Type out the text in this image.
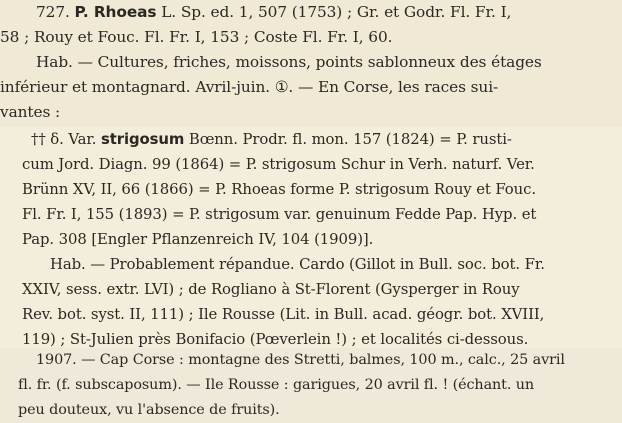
727. P. Rhoeas L. Sp. ed. 1, 507 (1753) ; Gr. et Godr. Fl. Fr. I,
58 ; Rouy et Fouc. Fl. Fr. I, 153 ; Coste Fl. Fr. I, 60.
Hab. — Cultures, friches, moissons, points sablonneux des étages
inférieur et montagnard. Avril-juin. ①. — En Corse, les races sui-
vantes :
†† δ. Var. strigosum Bœnn. Prodr. fl. mon. 157 (1824) = P. rusti-
cum Jord. Diagn. 99 (1864) = P. strigosum Schur in Verh. naturf. Ver.
Brünn XV, II, 66 (1866) = P. Rhoeas forme P. strigosum Rouy et Fouc.
Fl. Fr. I, 155 (1893) = P. strigosum var. genuinum Fedde Pap. Hyp. et
Pap. 308 [Engler Pflanzenreich IV, 104 (1909)].
Hab. — Probablement répandue. Cardo (Gillot in Bull. soc. bot. Fr.
XXIV, sess. extr. LVI) ; de Rogliano à St-Florent (Gysperger in Rouy
Rev. bot. syst. II, 111) ; Ile Rousse (Lit. in Bull. acad. géogr. bot. XVIII,
119) ; St-Julien près Bonifacio (Pœverlein !) ; et localités ci-dessous.
1907. — Cap Corse : montagne des Stretti, balmes, 100 m., calc., 25 avril
fl. fr. (f. subscaposum). — Ile Rousse : garigues, 20 avril fl. ! (échant. un
peu douteux, vu l'absence de fruits).
